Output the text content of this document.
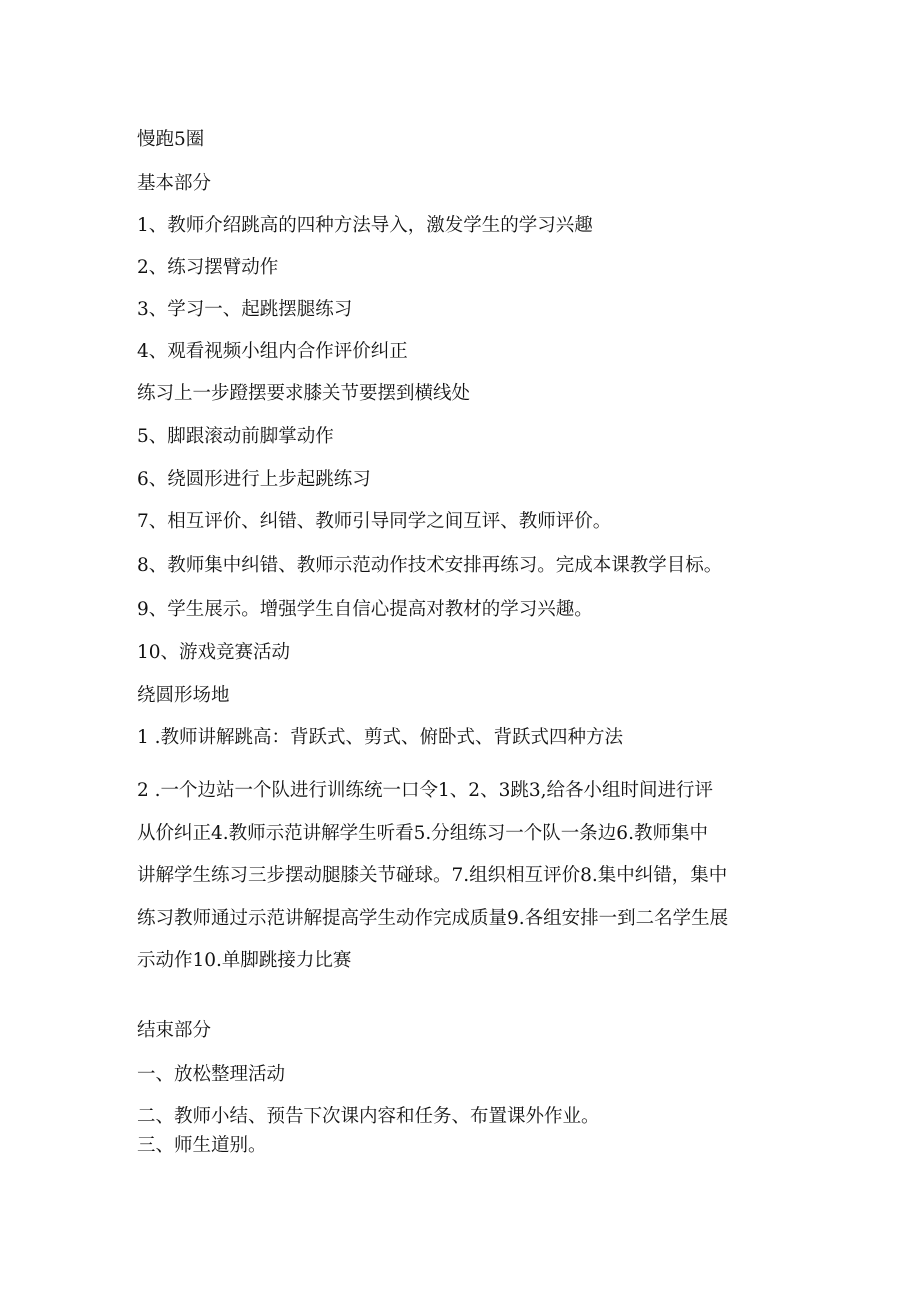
慢跑5圈
基本部分
1、教师介绍跳高的四种方法导入，激发学生的学习兴趣
2、练习摆臂动作
3、学习一、起跳摆腿练习
4、观看视频小组内合作评价纠正
练习上一步蹬摆要求膝关节要摆到横线处
5、脚跟滚动前脚掌动作
6、绕圆形进行上步起跳练习
7、相互评价、纠错、教师引导同学之间互评、教师评价。
8、教师集中纠错、教师示范动作技术安排再练习。完成本课教学目标。
9、学生展示。增强学生自信心提高对教材的学习兴趣。
10、游戏竞赛活动
绕圆形场地
1 .教师讲解跳高：背跃式、剪式、俯卧式、背跃式四种方法
2 .一个边站一个队进行训练统一口令1、2、3跳3,给各小组时间进行评
从价纠正4.教师示范讲解学生听看5.分组练习一个队一条边6.教师集中
讲解学生练习三步摆动腿膝关节碰球。7.组织相互评价8.集中纠错，集中
练习教师通过示范讲解提高学生动作完成质量9.各组安排一到二名学生展
示动作10.单脚跳接力比赛
结束部分
一、放松整理活动
二、教师小结、预告下次课内容和任务、布置课外作业。
三、师生道别。
